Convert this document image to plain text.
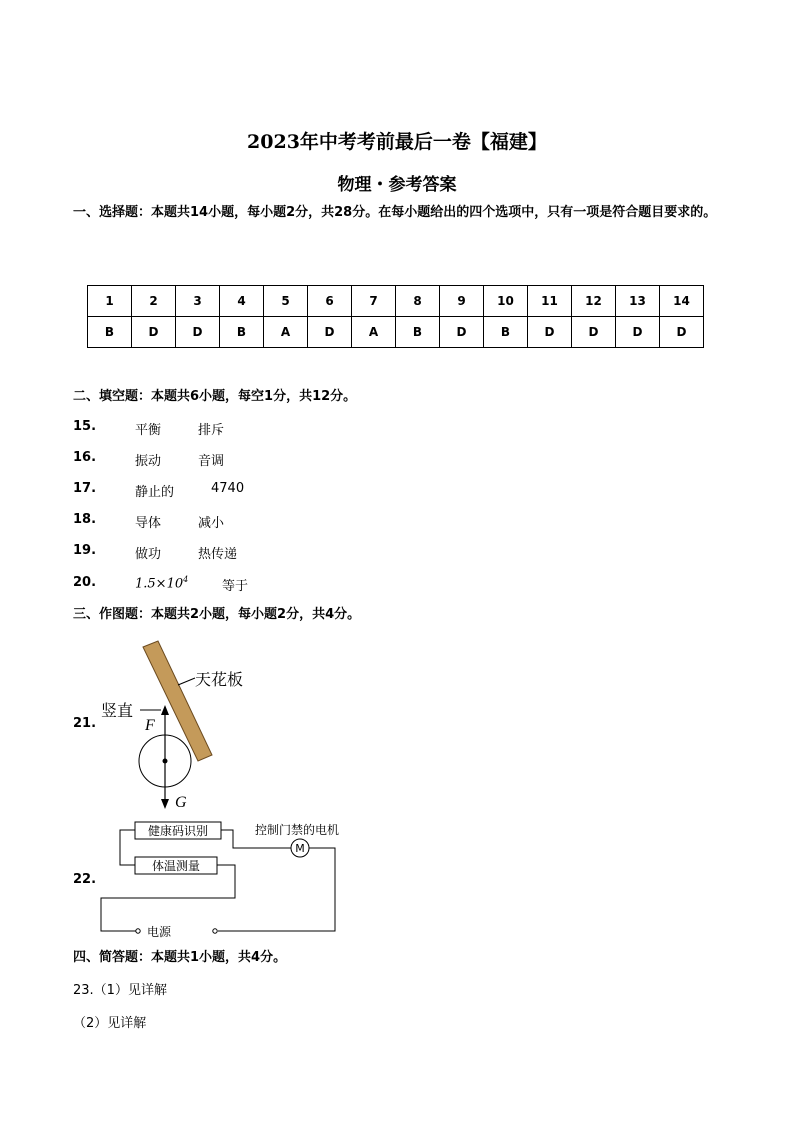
2023年中考考前最后一卷【福建】
物理・参考答案
一、选择题：本题共14小题，每小题2分，共28分。在每小题给出的四个选项中，只有一项是符合题目要求的。
1	2	3	4	5	6	7	8	9	10	11	12	13	14
B	D	D	B	A	D	A	B	D	B	D	D	D	D
二、填空题：本题共6小题，每空1分，共12分。
15.	平衡	排斥
16.	振动	音调
17.	静止的	4740
18.	导体	减小
19.	做功	热传递
20.	$1.5\times 10^4$	等于
三、作图题：本题共2小题，每小题2分，共4分。
21.
天花板
竖直
F
G
22.
健康码识别
体温测量
M
控制门禁的电机
电源
四、简答题：本题共1小题，共4分。
23.（1）见详解
（2）见详解
